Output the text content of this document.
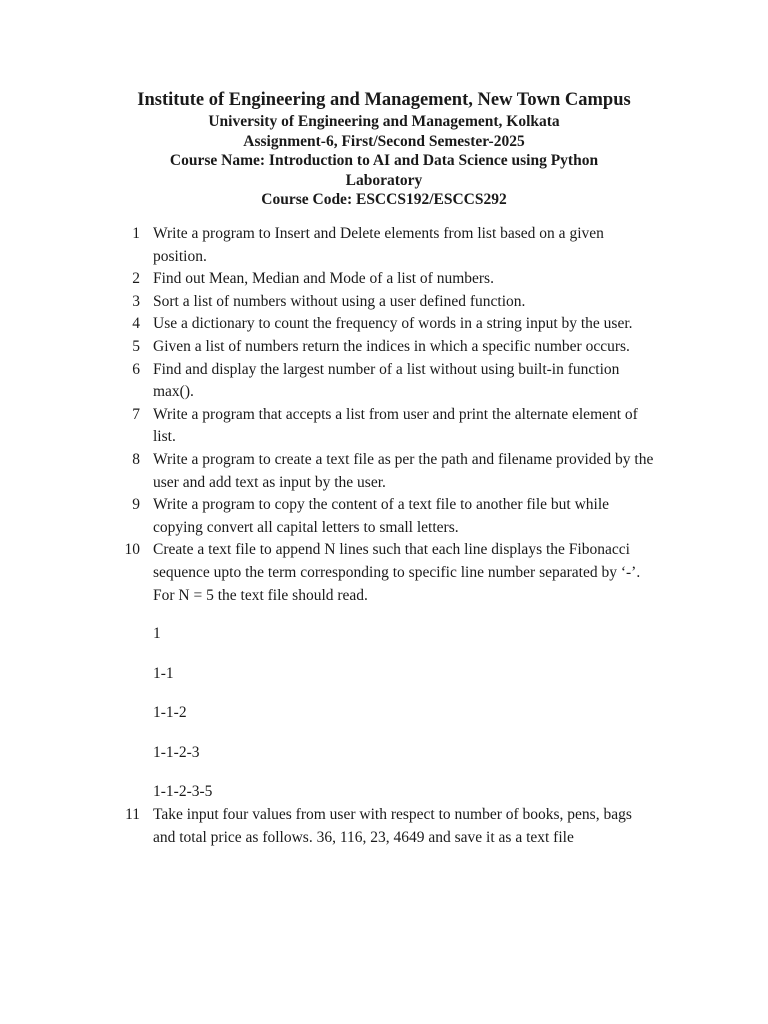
Institute of Engineering and Management, New Town Campus
University of Engineering and Management, Kolkata
Assignment-6, First/Second Semester-2025
Course Name: Introduction to AI and Data Science using Python
Laboratory
Course Code: ESCCS192/ESCCS292
1 Write a program to Insert and Delete elements from list based on a given position.
2 Find out Mean, Median and Mode of a list of numbers.
3 Sort a list of numbers without using a user defined function.
4 Use a dictionary to count the frequency of words in a string input by the user.
5 Given a list of numbers return the indices in which a specific number occurs.
6 Find and display the largest number of a list without using built-in function max().
7 Write a program that accepts a list from user and print the alternate element of list.
8 Write a program to create a text file as per the path and filename provided by the user and add text as input by the user.
9 Write a program to copy the content of a text file to another file but while copying convert all capital letters to small letters.
10 Create a text file to append N lines such that each line displays the Fibonacci sequence upto the term corresponding to specific line number separated by ‘-’. For N = 5 the text file should read.
1
1-1
1-1-2
1-1-2-3
1-1-2-3-5
11 Take input four values from user with respect to number of books, pens, bags and total price as follows. 36, 116, 23, 4649 and save it as a text file
